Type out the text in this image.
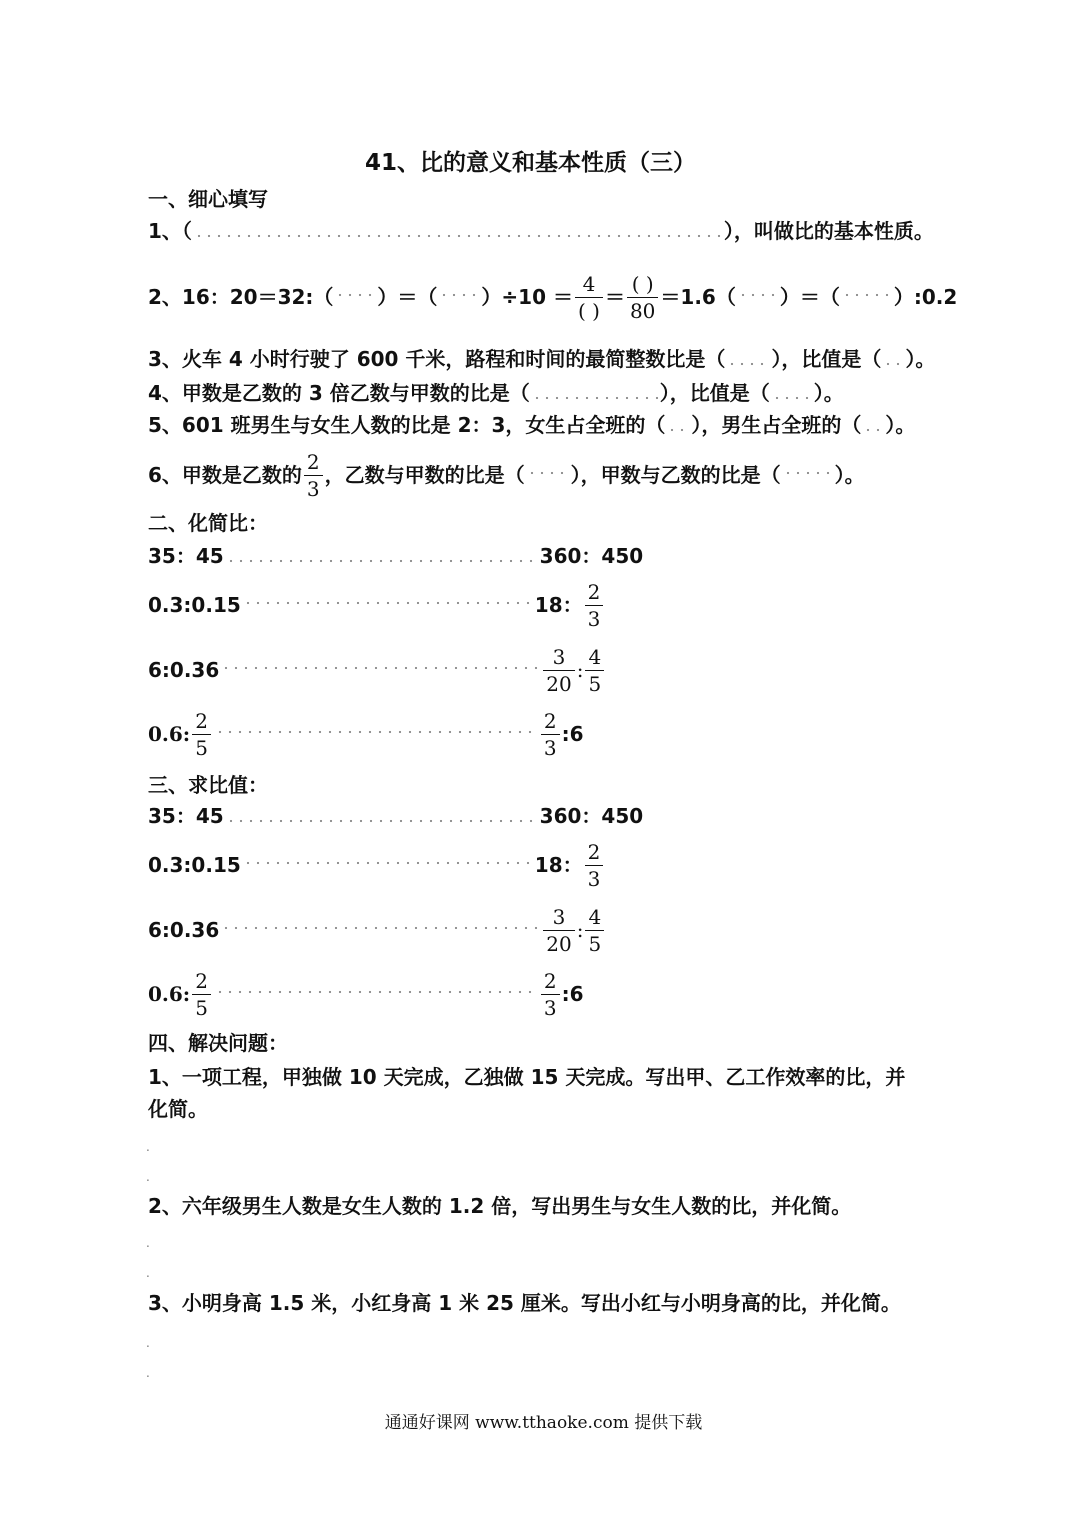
41、比的意义和基本性质（三）
一、细心填写
1、（	），叫做比的基本性质。
2、16：20＝32:（ ）＝（ ）$\div 10 = \frac{4}{( )} = \frac{( )}{80} =1.6$（ ）＝（	）:0.2
3、火车 4 小时行驶了 600 千米，路程和时间的最简整数比是（ ），比值是（ ）。
4、甲数是乙数的 3 倍乙数与甲数的比是（	），比值是（ ）。
5、601 班男生与女生人数的比是 2：3，女生占全班的（ ），男生占全班的（ ）。
6、甲数是乙数的 $\frac{2}{3}$ ，乙数与甲数的比是（ ），甲数与乙数的比是（	）。
二、化简比：
35：45	360：450
0.3:0.15	18： $\frac{2}{3}$
6:0.36	$\frac{3}{20}$ : $\frac{4}{5}$
0.6: $\frac{2}{5}$	$\frac{2}{3}$ :6
三、求比值：
35：45	360：450
0.3:0.15	18： $\frac{2}{3}$
6:0.36	$\frac{3}{20}$ : $\frac{4}{5}$
0.6: $\frac{2}{5}$	$\frac{2}{3}$ :6
四、解决问题：
1、一项工程，甲独做 10 天完成，乙独做 15 天完成。写出甲、乙工作效率的比，并
化简。
.
.
2、六年级男生人数是女生人数的 1.2 倍，写出男生与女生人数的比，并化简。
.
.
3、小明身高 1.5 米，小红身高 1 米 25 厘米。写出小红与小明身高的比，并化简。
.
.
通通好课网 www.tthaoke.com 提供下载
